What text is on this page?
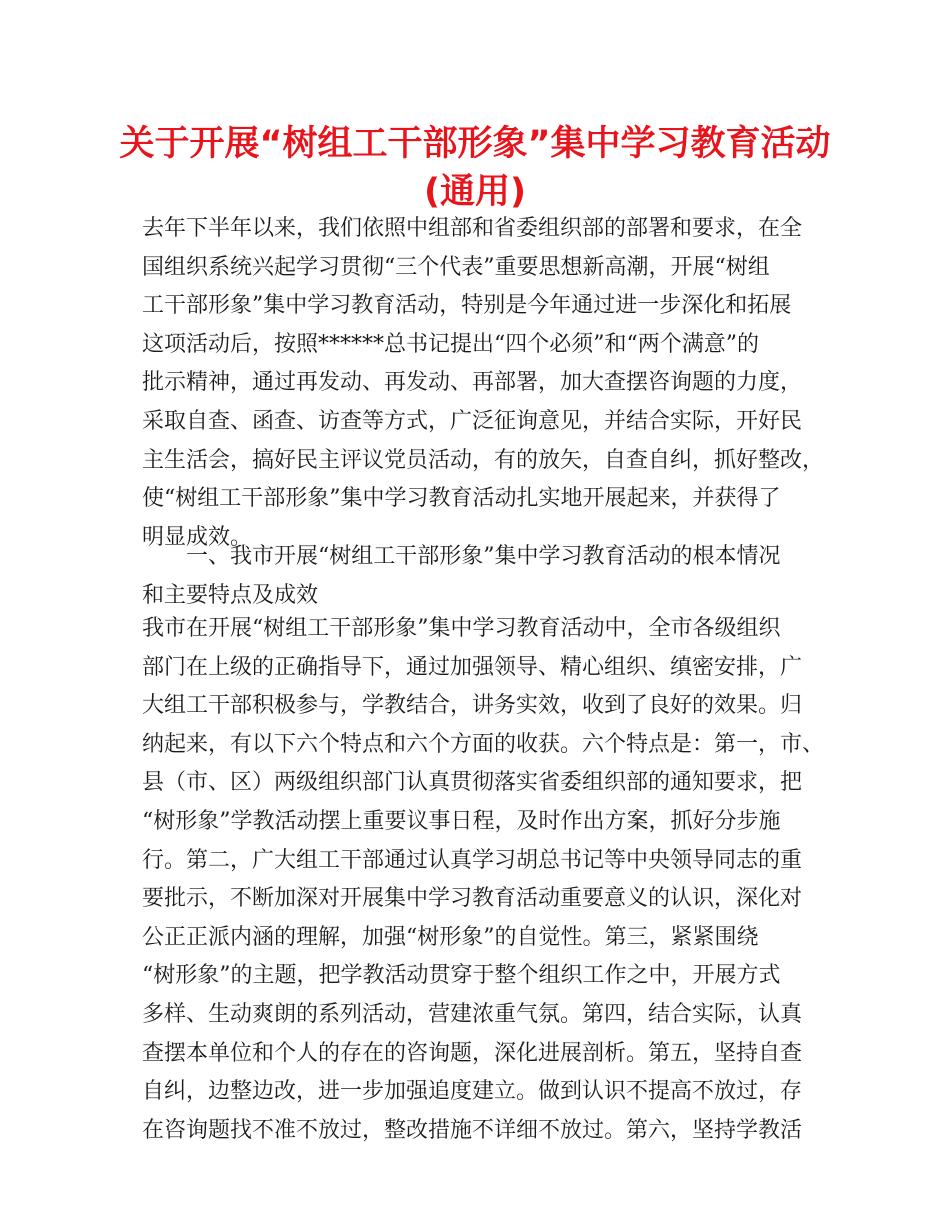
关于开展“树组工干部形象”集中学习教育活动
(通用)
去年下半年以来，我们依照中组部和省委组织部的部署和要求，在全
国组织系统兴起学习贯彻“三个代表”重要思想新高潮，开展“树组
工干部形象”集中学习教育活动，特别是今年通过进一步深化和拓展
这项活动后，按照******总书记提出“四个必须”和“两个满意”的
批示精神，通过再发动、再发动、再部署，加大查摆咨询题的力度，
采取自查、函查、访查等方式，广泛征询意见，并结合实际，开好民
主生活会，搞好民主评议党员活动，有的放矢，自查自纠，抓好整改，
使“树组工干部形象”集中学习教育活动扎实地开展起来，并获得了
明显成效。
一、我市开展“树组工干部形象”集中学习教育活动的根本情况
和主要特点及成效
我市在开展“树组工干部形象”集中学习教育活动中，全市各级组织
部门在上级的正确指导下，通过加强领导、精心组织、缜密安排，广
大组工干部积极参与，学教结合，讲务实效，收到了良好的效果。归
纳起来，有以下六个特点和六个方面的收获。六个特点是：第一，市、
县（市、区）两级组织部门认真贯彻落实省委组织部的通知要求，把
“树形象”学教活动摆上重要议事日程，及时作出方案，抓好分步施
行。第二，广大组工干部通过认真学习胡总书记等中央领导同志的重
要批示，不断加深对开展集中学习教育活动重要意义的认识，深化对
公正正派内涵的理解，加强“树形象”的自觉性。第三，紧紧围绕
“树形象”的主题，把学教活动贯穿于整个组织工作之中，开展方式
多样、生动爽朗的系列活动，营建浓重气氛。第四，结合实际，认真
查摆本单位和个人的存在的咨询题，深化进展剖析。第五，坚持自查
自纠，边整边改，进一步加强追度建立。做到认识不提高不放过，存
在咨询题找不准不放过，整改措施不详细不放过。第六，坚持学教活
